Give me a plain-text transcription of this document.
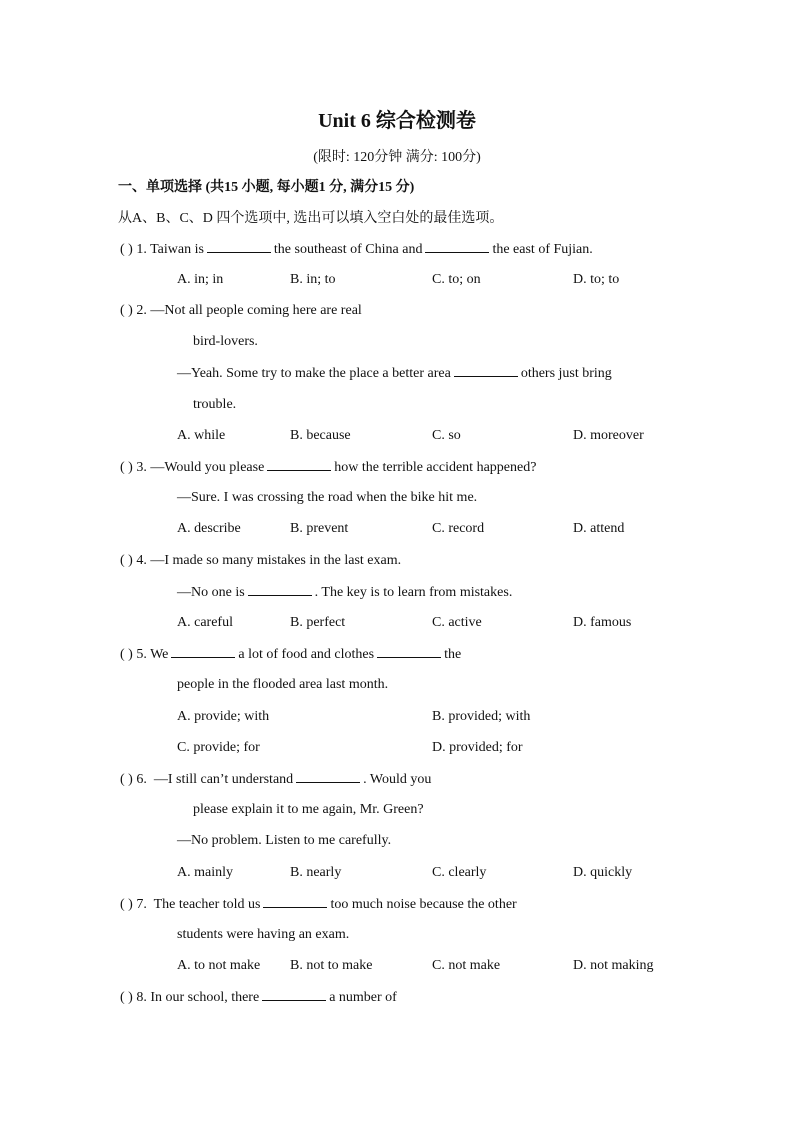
Unit 6 综合检测卷
(限时: 120分钟 满分: 100分)
一、单项选择 (共15 小题, 每小题1 分, 满分15 分)
从A、B、C、D 四个选项中, 选出可以填入空白处的最佳选项。
( ) 1. Taiwan is	the southeast of China and	the east of Fujian.
A. in; in	B. in; to	C. to; on	D. to; to
( ) 2. —Not all people coming here are real
bird-lovers.
—Yeah. Some try to make the place a better area	others just bring
trouble.
A. while	B. because	C. so	D. moreover
( ) 3. —Would you please	how the terrible accident happened?
—Sure. I was crossing the road when the bike hit me.
A. describe	B. prevent	C. record	D. attend
( ) 4. —I made so many mistakes in the last exam.
—No one is	. The key is to learn from mistakes.
A. careful	B. perfect	C. active	D. famous
( ) 5. We	a lot of food and clothes	the
people in the flooded area last month.
A. provide; with	B. provided; with
C. provide; for	D. provided; for
( ) 6. —I still can’t understand	. Would you
please explain it to me again, Mr. Green?
—No problem. Listen to me carefully.
A. mainly	B. nearly	C. clearly	D. quickly
( ) 7. The teacher told us	too much noise because the other
students were having an exam.
A. to not make B. not to make	C. not make	D. not making
( ) 8. In our school, there	a number of
